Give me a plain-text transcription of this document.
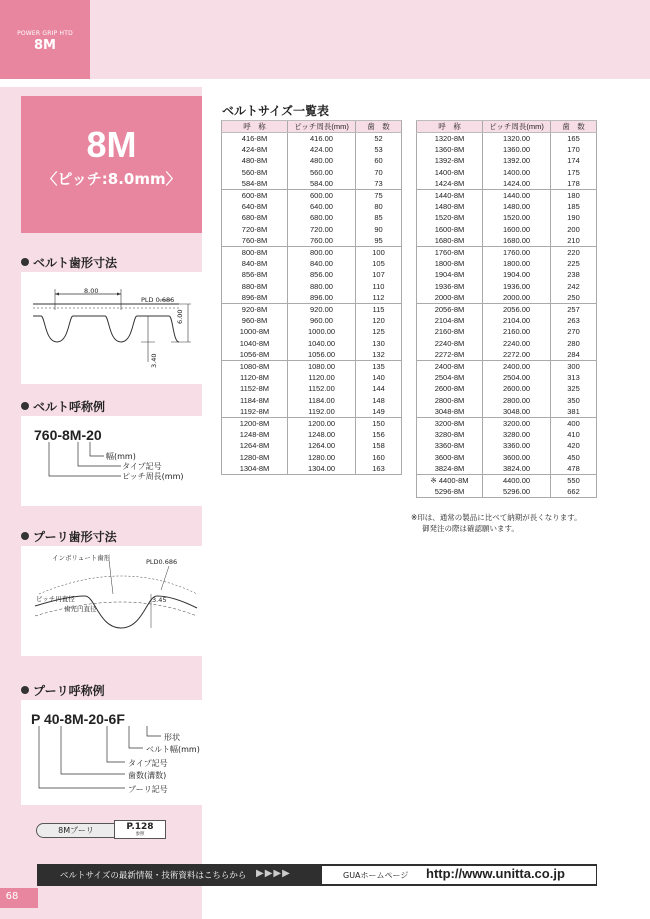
POWER GRIP HTD
8M
8M
〈ピッチ:8.0mm〉
ベルト歯形寸法
8.00
PLD 0.686
6.00
3.40
ベルト呼称例
760-8M-20
幅(mm)
タイプ記号
ピッチ周長(mm)
プーリ歯形寸法
インボリュート歯形	PLD0.686
ピッチ円直径
歯先円直径
3.45
プーリ呼称例
P 40-8M-20-6F
形状
ベルト幅(mm)
タイプ記号
歯数(溝数)
プーリ記号
8Mプーリ	P.128
参照
ベルトサイズ一覧表
呼　称	ピッチ周長(mm)	歯　数
416-8M	416.00	52
424-8M	424.00	53
480-8M	480.00	60
560-8M	560.00	70
584-8M	584.00	73
600-8M	600.00	75
640-8M	640.00	80
680-8M	680.00	85
720-8M	720.00	90
760-8M	760.00	95
800-8M	800.00	100
840-8M	840.00	105
856-8M	856.00	107
880-8M	880.00	110
896-8M	896.00	112
920-8M	920.00	115
960-8M	960.00	120
1000-8M	1000.00	125
1040-8M	1040.00	130
1056-8M	1056.00	132
1080-8M	1080.00	135
1120-8M	1120.00	140
1152-8M	1152.00	144
1184-8M	1184.00	148
1192-8M	1192.00	149
1200-8M	1200.00	150
1248-8M	1248.00	156
1264-8M	1264.00	158
1280-8M	1280.00	160
1304-8M	1304.00	163
呼　称	ピッチ周長(mm)	歯　数
1320-8M	1320.00	165
1360-8M	1360.00	170
1392-8M	1392.00	174
1400-8M	1400.00	175
1424-8M	1424.00	178
1440-8M	1440.00	180
1480-8M	1480.00	185
1520-8M	1520.00	190
1600-8M	1600.00	200
1680-8M	1680.00	210
1760-8M	1760.00	220
1800-8M	1800.00	225
1904-8M	1904.00	238
1936-8M	1936.00	242
2000-8M	2000.00	250
2056-8M	2056.00	257
2104-8M	2104.00	263
2160-8M	2160.00	270
2240-8M	2240.00	280
2272-8M	2272.00	284
2400-8M	2400.00	300
2504-8M	2504.00	313
2600-8M	2600.00	325
2800-8M	2800.00	350
3048-8M	3048.00	381
3200-8M	3200.00	400
3280-8M	3280.00	410
3360-8M	3360.00	420
3600-8M	3600.00	450
3824-8M	3824.00	478
※ 4400-8M	4400.00	550
5296-8M	5296.00	662
※印は、通常の製品に比べて納期が長くなります。
御発注の際は確認願います。
ベルトサイズの最新情報・技術資料はこちらから ▶▶▶▶	GUAホームページ http://www.unitta.co.jp
68
